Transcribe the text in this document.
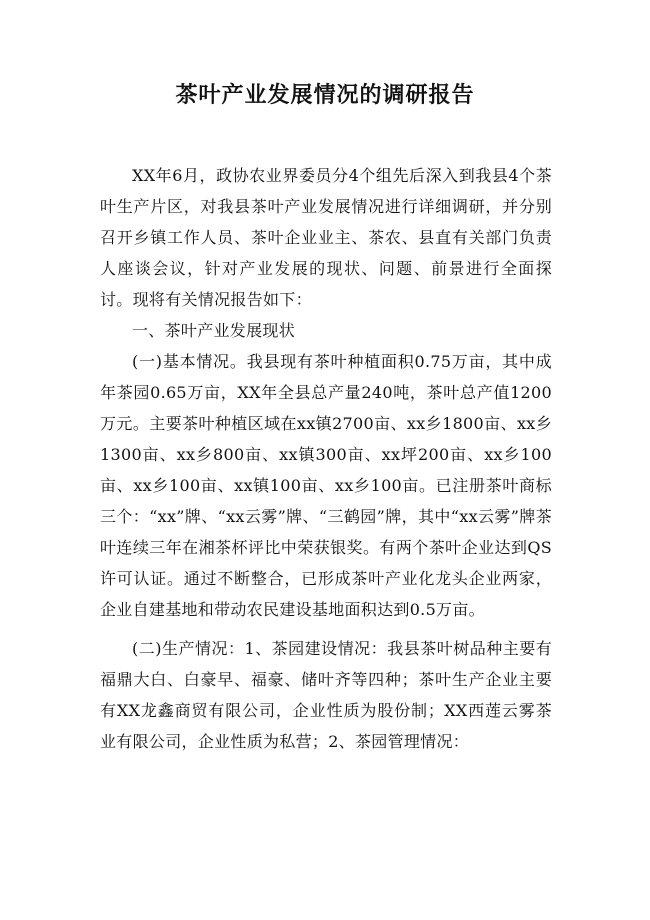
茶叶产业发展情况的调研报告

XX年6月，政协农业界委员分4个组先后深入到我县4个茶叶生产片区，对我县茶叶产业发展情况进行详细调研，并分别召开乡镇工作人员、茶叶企业业主、茶农、县直有关部门负责人座谈会议，针对产业发展的现状、问题、前景进行全面探讨。现将有关情况报告如下：

一、茶叶产业发展现状

(一)基本情况。我县现有茶叶种植面积0.75万亩，其中成年茶园0.65万亩，XX年全县总产量240吨，茶叶总产值1200万元。主要茶叶种植区域在xx镇2700亩、xx乡1800亩、xx乡1300亩、xx乡800亩、xx镇300亩、xx坪200亩、xx乡100亩、xx乡100亩、xx镇100亩、xx乡100亩。已注册茶叶商标三个：“xx”牌、“xx云雾”牌、“三鹤园”牌，其中“xx云雾”牌茶叶连续三年在湘茶杯评比中荣获银奖。有两个茶叶企业达到QS许可认证。通过不断整合，已形成茶叶产业化龙头企业两家，企业自建基地和带动农民建设基地面积达到0.5万亩。

(二)生产情况：1、茶园建设情况：我县茶叶树品种主要有福鼎大白、白豪早、福豪、储叶齐等四种；茶叶生产企业主要有XX龙鑫商贸有限公司，企业性质为股份制；XX西莲云雾茶业有限公司，企业性质为私营；2、茶园管理情况：
